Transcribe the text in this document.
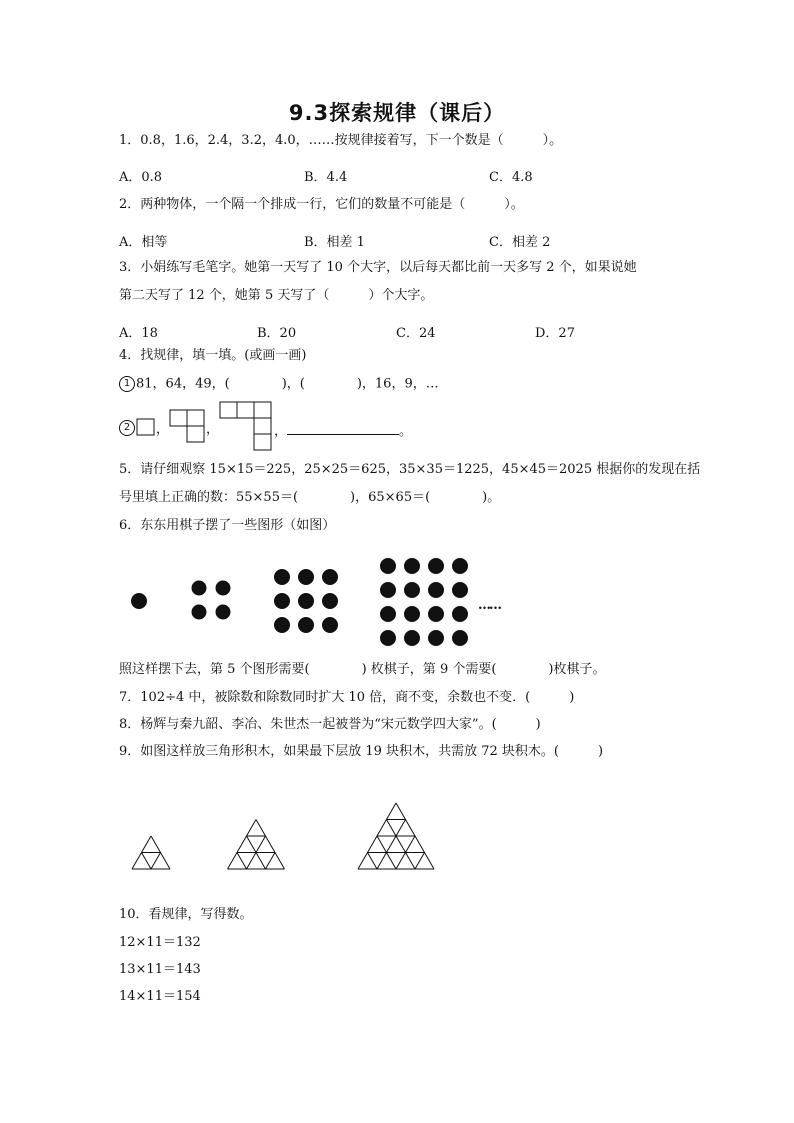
9.3探索规律（课后）
1．0.8，1.6，2.4，3.2，4.0，……按规律接着写，下一个数是（　　　）。
A．0.8	B．4.4	C．4.8
2．两种物体，一个隔一个排成一行，它们的数量不可能是（　　　）。
A．相等	B．相差 1	C．相差 2
3．小娟练写毛笔字。她第一天写了 10 个大字，以后每天都比前一天多写 2 个，如果说她
第二天写了 12 个，她第 5 天写了（　　　）个大字。
A．18	B．20	C．24	D．27
4．找规律，填一填。(或画一画)
1 81，64，49，(　　　　)，(　　　　)，16，9，…
2	，	，	，	。
5．请仔细观察 15×15＝225，25×25＝625，35×35＝1225，45×45＝2025 根据你的发现在括
号里填上正确的数：55×55＝(　　　　)，65×65＝(　　　　)。
6．东东用棋子摆了一些图形（如图）
……
照这样摆下去，第 5 个图形需要(　　　　) 枚棋子，第 9 个需要(　　　　)枚棋子。
7．102÷4 中，被除数和除数同时扩大 10 倍，商不变，余数也不变．(　　　)
8．杨辉与秦九韶、李冶、朱世杰一起被誉为“宋元数学四大家”。(　　　)
9．如图这样放三角形积木，如果最下层放 19 块积木，共需放 72 块积木。(　　　)
10．看规律，写得数。
12×11＝132
13×11＝143
14×11＝154
